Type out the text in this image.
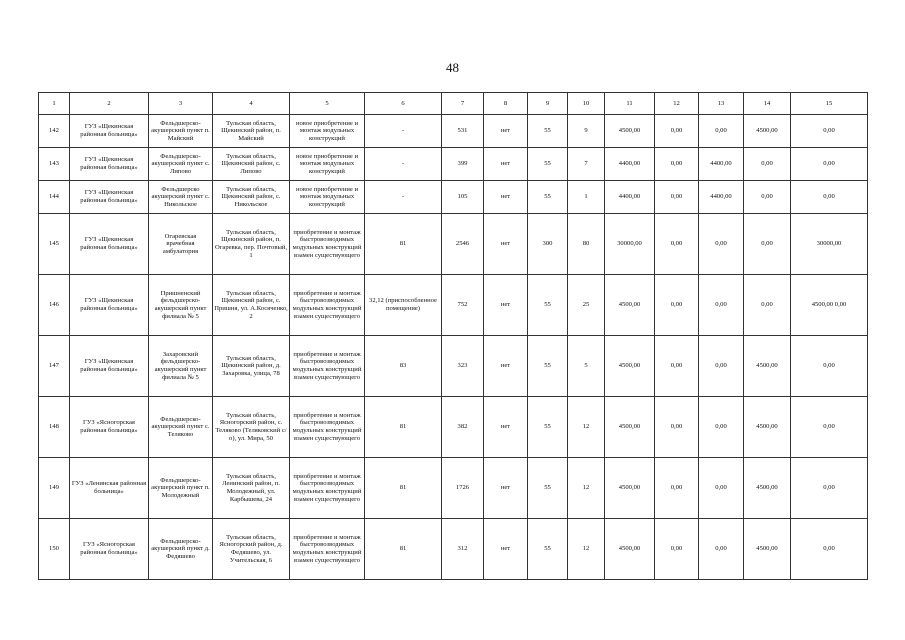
48
1	2	3	4	5	6	7	8	9	10	11	12	13	14	15
142	ГУЗ «Щекинская районная больница»	Фельдшерско-акушерский пункт п. Майский	Тульская область, Щекинский район, п. Майский	новое приобретение и монтаж модульных конструкций	-	531	нет	55	9	4500,00	0,00	0,00	4500,00	0,00
143	ГУЗ «Щекинская районная больница»	Фельдшерско-акушерский пункт с. Липово	Тульская область, Щекинский район, с. Липово	новое приобретение и монтаж модульных конструкций	-	399	нет	55	7	4400,00	0,00	4400,00	0,00	0,00
144	ГУЗ «Щекинская районная больница»	Фельдшерско акушерский пункт с. Никольское	Тульская область, Щекинский район, с. Никольское	новое приобретение и монтаж модульных конструкций	-	105	нет	55	1	4400,00	0,00	4400,00	0,00	0,00
145	ГУЗ «Щекинская районная больница»	Огаревская врачебная амбулатория	Тульская область, Щекинский район, п. Огаревка, пер. Почтовый, 1	приобретение и монтаж быстровозводимых модульных конструкций взамен существующего	81	2546	нет	300	80	30000,00	0,00	0,00	0,00	30000,00
146	ГУЗ «Щекинская районная больница»	Пришненский фельдшерско-акушерский пункт филиала № 5	Тульская область, Щекинский район, с. Пришня, ул. А.Косяченко, 2	приобретение и монтаж быстровозводимых модульных конструкций взамен существующего	32,12 (приспособленное помещение)	752	нет	55	25	4500,00	0,00	0,00	0,00	4500,00 0,00
147	ГУЗ «Щекинская районная больница»	Захаровский фельдшерско-акушерский пункт филиала № 5	Тульская область, Щекинский район, д. Захаровка, улица, 78	приобретение и монтаж быстровозводимых модульных конструкций взамен существующего	83	323	нет	55	5	4500,00	0,00	0,00	4500,00	0,00
148	ГУЗ «Ясногорская районная больница»	Фельдшерско-акушерский пункт с. Теляково	Тульская область, Ясногорский район, с. Теляково (Теляковский с/о), ул. Мира, 50	приобретение и монтаж быстровозводимых модульных конструкций взамен существующего	81	382	нет	55	12	4500,00	0,00	0,00	4500,00	0,00
149	ГУЗ «Ленинская районная больница»	Фельдшерско-акушерский пункт п. Молодежный	Тульская область, Ленинский район, п. Молодежный, ул. Карбышева, 24	приобретение и монтаж быстровозводимых модульных конструкций взамен существующего	81	1726	нет	55	12	4500,00	0,00	0,00	4500,00	0,00
150	ГУЗ «Ясногорская районная больница»	Фельдшерско-акушерский пункт д. Федяшево	Тульская область, Ясногорский район, д. Федяшево, ул. Учительская, 6	приобретение и монтаж быстровозводимых модульных конструкций взамен существующего	81	312	нет	55	12	4500,00	0,00	0,00	4500,00	0,00
